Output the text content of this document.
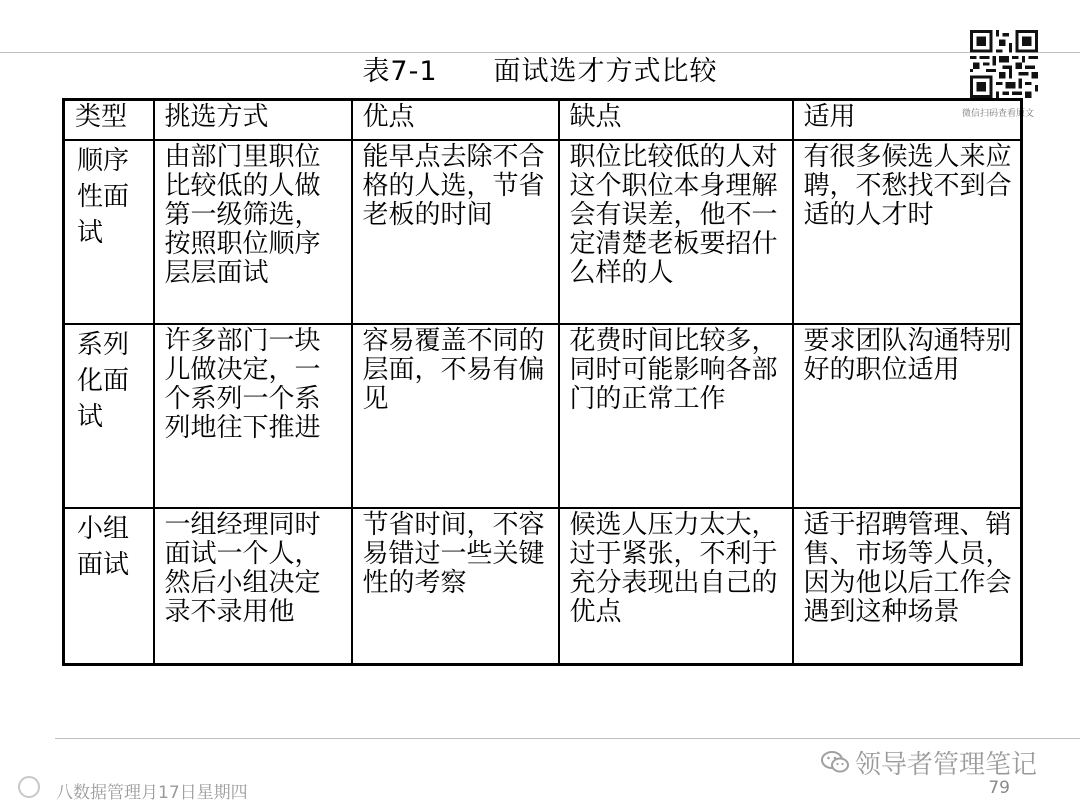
表7-1　　面试选才方式比较
微信扫码查看原文
类型	挑选方式	优点	缺点	适用
顺序性面试	由部门里职位比较低的人做第一级筛选，按照职位顺序层层面试	能早点去除不合格的人选，节省老板的时间	职位比较低的人对这个职位本身理解会有误差，他不一定清楚老板要招什么样的人	有很多候选人来应聘，不愁找不到合适的人才时
系列化面试	许多部门一块儿做决定，一个系列一个系列地往下推进	容易覆盖不同的层面，不易有偏见	花费时间比较多，同时可能影响各部门的正常工作	要求团队沟通特别好的职位适用
小组面试	一组经理同时面试一个人，然后小组决定录不录用他	节省时间，不容易错过一些关键性的考察	候选人压力太大，过于紧张，不利于充分表现出自己的优点	适于招聘管理、销售、市场等人员，因为他以后工作会遇到这种场景
八数据管理月17日星期四	79
领导者管理笔记
